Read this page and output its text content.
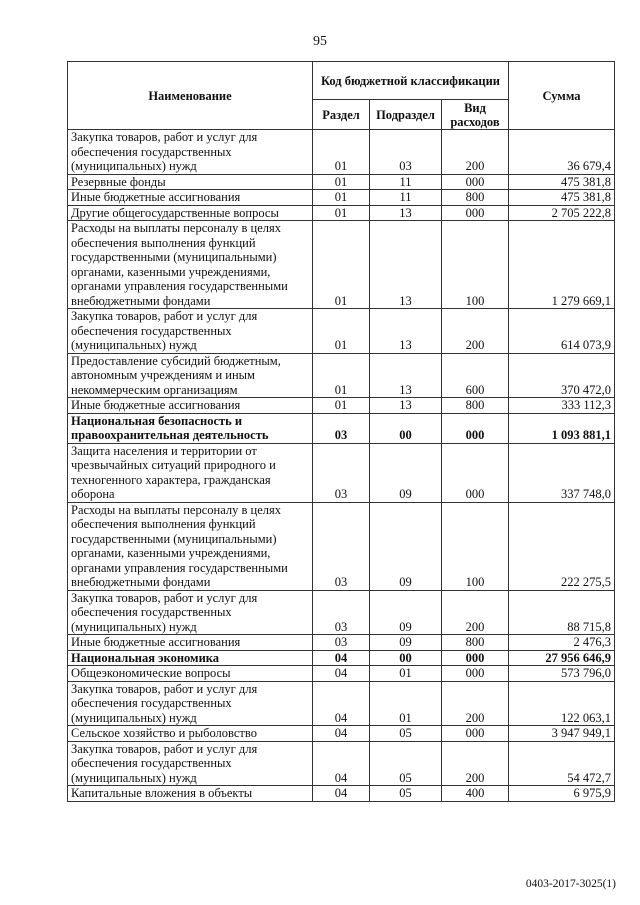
95
Наименование	Код бюджетной классификации			Сумма
	Раздел	Подраздел	Вид расходов	
Закупка товаров, работ и услуг для обеспечения государственных (муниципальных) нужд	01	03	200	36 679,4
Резервные фонды	01	11	000	475 381,8
Иные бюджетные ассигнования	01	11	800	475 381,8
Другие общегосударственные вопросы	01	13	000	2 705 222,8
Расходы на выплаты персоналу в целях обеспечения выполнения функций государственными (муниципальными) органами, казенными учреждениями, органами управления государственными внебюджетными фондами	01	13	100	1 279 669,1
Закупка товаров, работ и услуг для обеспечения государственных (муниципальных) нужд	01	13	200	614 073,9
Предоставление субсидий бюджетным, автономным учреждениям и иным некоммерческим организациям	01	13	600	370 472,0
Иные бюджетные ассигнования	01	13	800	333 112,3
Национальная безопасность и правоохранительная деятельность	03	00	000	1 093 881,1
Защита населения и территории от чрезвычайных ситуаций природного и техногенного характера, гражданская оборона	03	09	000	337 748,0
Расходы на выплаты персоналу в целях обеспечения выполнения функций государственными (муниципальными) органами, казенными учреждениями, органами управления государственными внебюджетными фондами	03	09	100	222 275,5
Закупка товаров, работ и услуг для обеспечения государственных (муниципальных) нужд	03	09	200	88 715,8
Иные бюджетные ассигнования	03	09	800	2 476,3
Национальная экономика	04	00	000	27 956 646,9
Общеэкономические вопросы	04	01	000	573 796,0
Закупка товаров, работ и услуг для обеспечения государственных (муниципальных) нужд	04	01	200	122 063,1
Сельское хозяйство и рыболовство	04	05	000	3 947 949,1
Закупка товаров, работ и услуг для обеспечения государственных (муниципальных) нужд	04	05	200	54 472,7
Капитальные вложения в объекты	04	05	400	6 975,9
0403-2017-3025(1)
